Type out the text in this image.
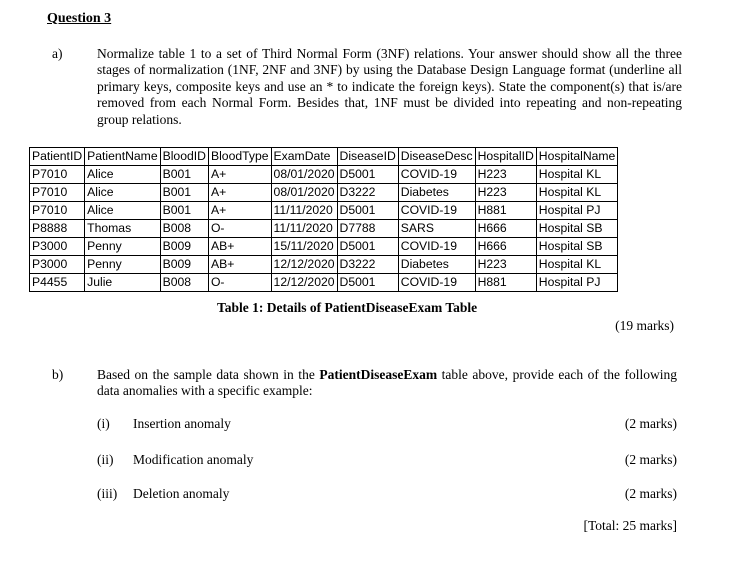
Question 3
a)	Normalize table 1 to a set of Third Normal Form (3NF) relations. Your answer should show all the three stages of normalization (1NF, 2NF and 3NF) by using the Database Design Language format (underline all primary keys, composite keys and use an * to indicate the foreign keys). State the component(s) that is/are removed from each Normal Form. Besides that, 1NF must be divided into repeating and non-repeating group relations.
PatientID	PatientName	BloodID	BloodType	ExamDate	DiseaseID	DiseaseDesc	HospitalID	HospitalName
P7010	Alice	B001	A+	08/01/2020	D5001	COVID-19	H223	Hospital KL
P7010	Alice	B001	A+	08/01/2020	D3222	Diabetes	H223	Hospital KL
P7010	Alice	B001	A+	11/11/2020	D5001	COVID-19	H881	Hospital PJ
P8888	Thomas	B008	O-	11/11/2020	D7788	SARS	H666	Hospital SB
P3000	Penny	B009	AB+	15/11/2020	D5001	COVID-19	H666	Hospital SB
P3000	Penny	B009	AB+	12/12/2020	D3222	Diabetes	H223	Hospital KL
P4455	Julie	B008	O-	12/12/2020	D5001	COVID-19	H881	Hospital PJ
Table 1: Details of PatientDiseaseExam Table
(19 marks)
b)	Based on the sample data shown in the PatientDiseaseExam table above, provide each of the following data anomalies with a specific example:
(i) Insertion anomaly	(2 marks)
(ii) Modification anomaly	(2 marks)
(iii) Deletion anomaly	(2 marks)
[Total: 25 marks]
